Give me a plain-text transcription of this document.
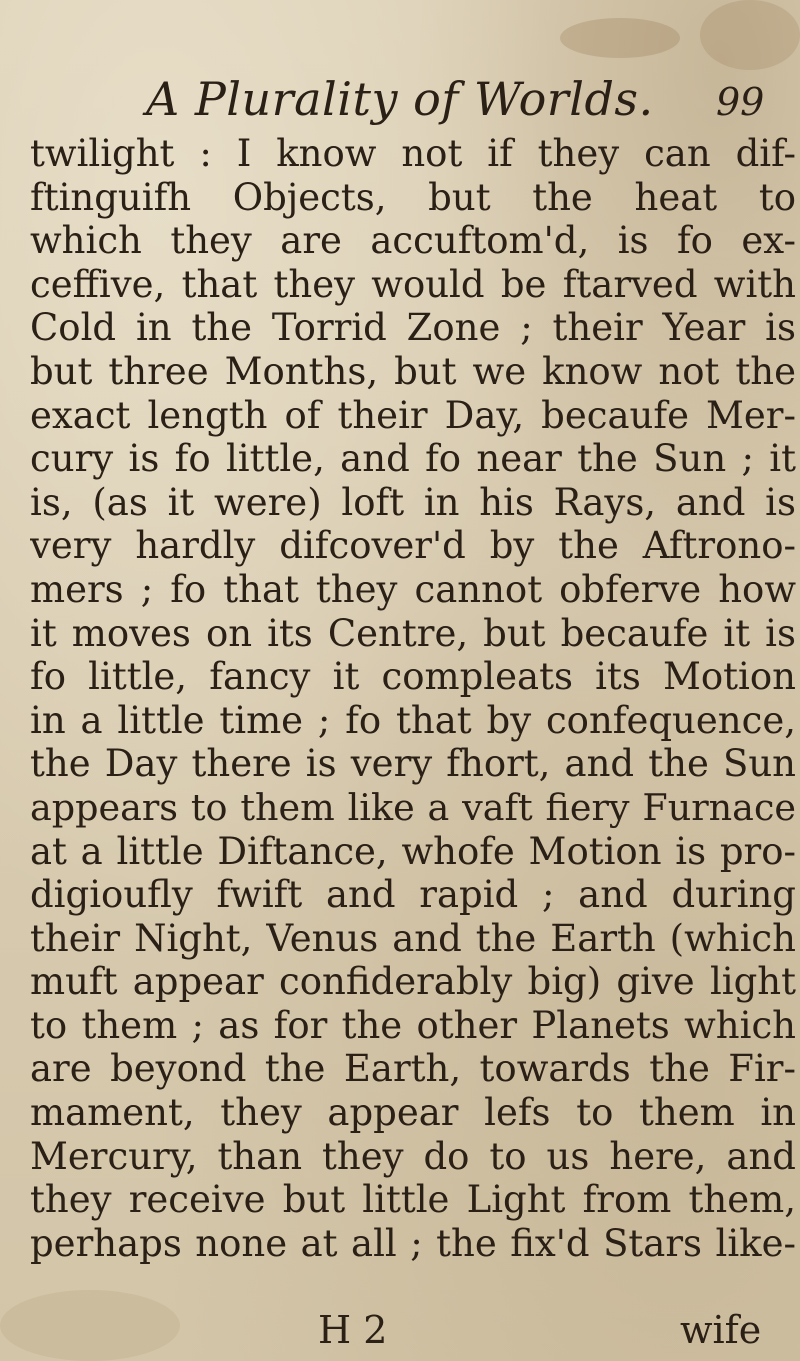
A Plurality of Worlds. 99
twilight : I know not if they can dif-
ftinguifh Objects, but the heat to
which they are accuftom'd, is fo ex-
ceffive, that they would be ftarved with
Cold in the Torrid Zone ; their Year is
but three Months, but we know not the
exact length of their Day, becaufe Mer-
cury is fo little, and fo near the Sun ; it
is, (as it were) loft in his Rays, and is
very hardly difcover'd by the Aftrono-
mers ; fo that they cannot obferve how
it moves on its Centre, but becaufe it is
fo little, fancy it compleats its Motion
in a little time ; fo that by confequence,
the Day there is very fhort, and the Sun
appears to them like a vaft fiery Furnace
at a little Diftance, whofe Motion is pro-
digioufly fwift and rapid ; and during
their Night, Venus and the Earth (which
muft appear confiderably big) give light
to them ; as for the other Planets which
are beyond the Earth, towards the Fir-
mament, they appear lefs to them in
Mercury, than they do to us here, and
they receive but little Light from them,
perhaps none at all ; the fix'd Stars like-
H 2	wife
